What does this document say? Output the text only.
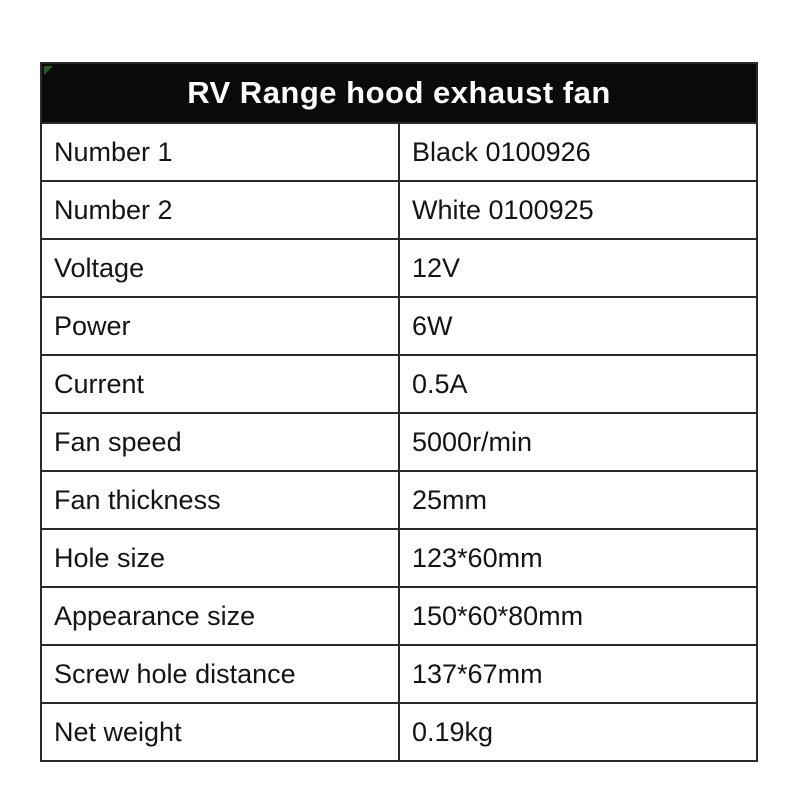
RV Range hood exhaust fan	
Number 1	Black 0100926
Number 2	White 0100925
Voltage	12V
Power	6W
Current	0.5A
Fan speed	5000r/min
Fan thickness	25mm
Hole size	123*60mm
Appearance size	150*60*80mm
Screw hole distance	137*67mm
Net weight	0.19kg
